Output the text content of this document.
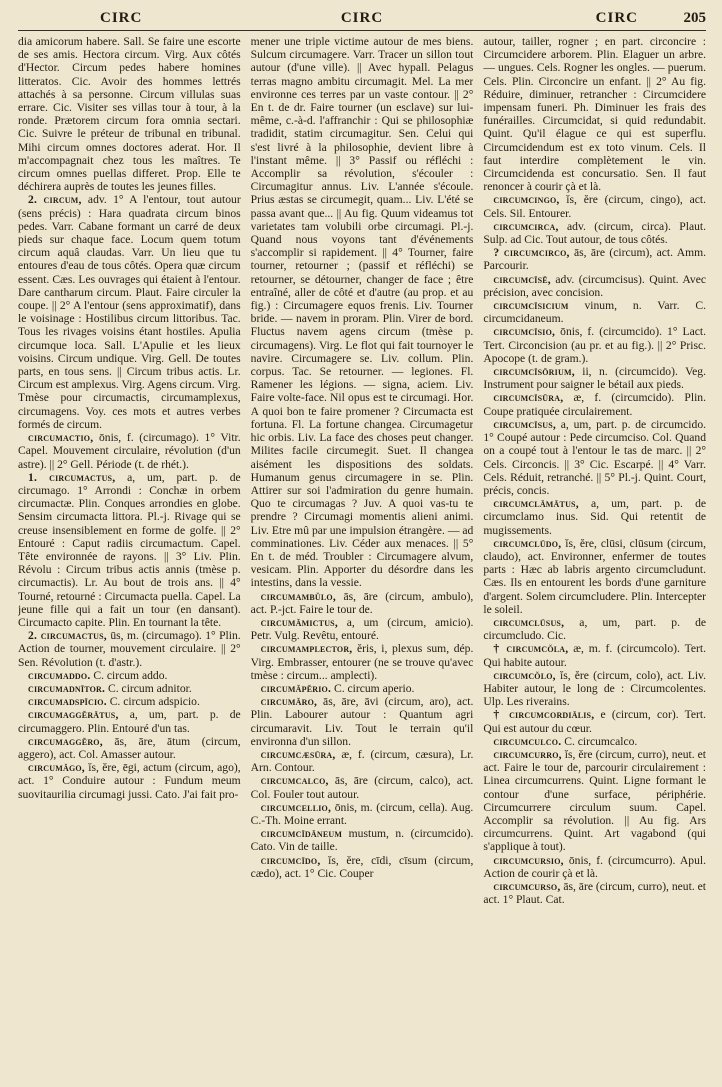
CIRC	CIRC	CIRC	205

dia amicorum habere. Sall. Se faire une escorte de ses amis. Hectora circum. Virg. Aux côtés d'Hector. Circum pedes habere homines litteratos. Cic. Avoir des hommes lettrés attachés à sa personne. Circum villulas suas errare. Cic. Visiter ses villas tour à tour, à la ronde. Prætorem circum fora omnia sectari. Cic. Suivre le préteur de tribunal en tribunal. Mihi circum omnes doctores aderat. Hor. Il m'accompagnait chez tous les maîtres. Te circum omnes puellas differet. Prop. Elle te déchirera auprès de toutes les jeunes filles.

2. circum, adv. 1° A l'entour, tout autour (sens précis) : Hara quadrata circum binos pedes. Varr. Cabane formant un carré de deux pieds sur chaque face. Locum quem totum circum aquâ claudas. Varr. Un lieu que tu entoures d'eau de tous côtés. Opera quæ circum essent. Cæs. Les ouvrages qui étaient à l'entour. Dare cantharum circum. Plaut. Faire circuler la coupe. || 2° A l'entour (sens approximatif), dans le voisinage : Hostilibus circum littoribus. Tac. Tous les rivages voisins étant hostiles. Apulia circumque loca. Sall. L'Apulie et les lieux voisins. Circum undique. Virg. Gell. De toutes parts, en tous sens. || Circum tribus actis. Lr. Circum est amplexus. Virg. Agens circum. Virg. Tmèse pour circumactis, circumamplexus, circumagens. Voy. ces mots et autres verbes formés de circum.

circumactio, ōnis, f. (circumago). 1° Vitr. Capel. Mouvement circulaire, révolution (d'un astre). || 2° Gell. Période (t. de rhét.).

1. circumactus, a, um, part. p. de circumago. 1° Arrondi : Conchæ in orbem circumactæ. Plin. Conques arrondies en globe. Sensim circumacta littora. Pl.-j. Rivage qui se creuse insensiblement en forme de golfe. || 2° Entouré : Caput radiis circumactum. Capel. Tête environnée de rayons. || 3° Liv. Plin. Révolu : Circum tribus actis annis (tmèse p. circumactis). Lr. Au bout de trois ans. || 4° Tourné, retourné : Circumacta puella. Capel. La jeune fille qui a fait un tour (en dansant). Circumacto capite. Plin. En tournant la tête.

2. circumactus, ūs, m. (circumago). 1° Plin. Action de tourner, mouvement circulaire. || 2° Sen. Révolution (t. d'astr.).

circumaddo. C. circum addo.

circumadnītor. C. circum adnitor.

circumadspīcio. C. circum adspicio.

circumaggĕrātus, a, um, part. p. de circumaggero. Plin. Entouré d'un tas.

circumaggĕro, ās, āre, ātum (circum, aggero), act. Col. Amasser autour.

circumăgo, ĭs, ĕre, ēgi, actum (circum, ago), act. 1° Conduire autour : Fundum meum suovitaurilia circumagi jussi. Cato. J'ai fait pro-

mener une triple victime autour de mes biens. Sulcum circumagere. Varr. Tracer un sillon tout autour (d'une ville). || Avec hypall. Pelagus terras magno ambitu circumagit. Mel. La mer environne ces terres par un vaste contour. || 2° En t. de dr. Faire tourner (un esclave) sur lui-même, c.-à-d. l'affranchir : Qui se philosophiæ tradidit, statim circumagitur. Sen. Celui qui s'est livré à la philosophie, devient libre à l'instant même. || 3° Passif ou réfléchi : Accomplir sa révolution, s'écouler : Circumagitur annus. Liv. L'année s'écoule. Prius æstas se circumegit, quam... Liv. L'été se passa avant que... || Au fig. Quum videamus tot varietates tam volubili orbe circumagi. Pl.-j. Quand nous voyons tant d'événements s'accomplir si rapidement. || 4° Tourner, faire tourner, retourner ; (passif et réfléchi) se retourner, se détourner, changer de face ; être entraîné, aller de côté et d'autre (au prop. et au fig.) : Circumagere equos frenis. Liv. Tourner bride. — navem in proram. Plin. Virer de bord. Fluctus navem agens circum (tmèse p. circumagens). Virg. Le flot qui fait tournoyer le navire. Circumagere se. Liv. collum. Plin. corpus. Tac. Se retourner. — legiones. Fl. Ramener les légions. — signa, aciem. Liv. Faire volte-face. Nil opus est te circumagi. Hor. A quoi bon te faire promener ? Circumacta est fortuna. Fl. La fortune changea. Circumagetur hic orbis. Liv. La face des choses peut changer. Milites facile circumegit. Suet. Il changea aisément les dispositions des soldats. Humanum genus circumagere in se. Plin. Attirer sur soi l'admiration du genre humain. Quo te circumagas ? Juv. A quoi vas-tu te prendre ? Circumagi momentis alieni animi. Liv. Etre mû par une impulsion étrangère. — ad comminationes. Liv. Céder aux menaces. || 5° En t. de méd. Troubler : Circumagere alvum, vesicam. Plin. Apporter du désordre dans les intestins, dans la vessie.

circumambŭlo, ās, āre (circum, ambulo), act. P.-jct. Faire le tour de.

circumămictus, a, um (circum, amicio). Petr. Vulg. Revêtu, entouré.

circumamplector, ĕris, i, plexus sum, dép. Virg. Embrasser, entourer (ne se trouve qu'avec tmèse : circum... amplecti).

circumăpĕrio. C. circum aperio.

circumăro, ās, āre, āvi (circum, aro), act. Plin. Labourer autour : Quantum agri circumaravit. Liv. Tout le terrain qu'il environna d'un sillon.

circumcæsūra, æ, f. (circum, cæsura), Lr. Arn. Contour.

circumcalco, ās, āre (circum, calco), act. Col. Fouler tout autour.

circumcellio, ōnis, m. (circum, cella). Aug. C.-Th. Moine errant.

circumcīdāneum mustum, n. (circumcido). Cato. Vin de taille.

circumcīdo, ĭs, ĕre, cīdi, cīsum (circum, cædo), act. 1° Cic. Couper

autour, tailler, rogner ; en part. circoncire : Circumcidere arborem. Plin. Elaguer un arbre. — ungues. Cels. Rogner les ongles. — puerum. Cels. Plin. Circoncire un enfant. || 2° Au fig. Réduire, diminuer, retrancher : Circumcidere impensam funeri. Ph. Diminuer les frais des funérailles. Circumcidat, si quid redundabit. Quint. Qu'il élague ce qui est superflu. Circumcidendum est ex toto vinum. Cels. Il faut interdire complètement le vin. Circumcidenda est concursatio. Sen. Il faut renoncer à courir çà et là.

circumcingo, ĭs, ĕre (circum, cingo), act. Cels. Sil. Entourer.

circumcirca, adv. (circum, circa). Plaut. Sulp. ad Cic. Tout autour, de tous côtés.

? circumcirco, ās, āre (circum), act. Amm. Parcourir.

circumcīsē, adv. (circumcisus). Quint. Avec précision, avec concision.

circumcīsicium vinum, n. Varr. C. circumcidaneum.

circumcīsio, ōnis, f. (circumcido). 1° Lact. Tert. Circoncision (au pr. et au fig.). || 2° Prisc. Apocope (t. de gram.).

circumcīsōrium, ii, n. (circumcido). Veg. Instrument pour saigner le bétail aux pieds.

circumcīsūra, æ, f. (circumcido). Plin. Coupe pratiquée circulairement.

circumcīsus, a, um, part. p. de circumcido. 1° Coupé autour : Pede circumciso. Col. Quand on a coupé tout à l'entour le tas de marc. || 2° Cels. Circoncis. || 3° Cic. Escarpé. || 4° Varr. Cels. Réduit, retranché. || 5° Pl.-j. Quint. Court, précis, concis.

circumclāmātus, a, um, part. p. de circumclamo inus. Sid. Qui retentit de mugissements.

circumclūdo, ĭs, ĕre, clūsi, clūsum (circum, claudo), act. Environner, enfermer de toutes parts : Hæc ab labris argento circumcludunt. Cæs. Ils en entourent les bords d'une garniture d'argent. Solem circumcludere. Plin. Intercepter le soleil.

circumclūsus, a, um, part. p. de circumcludo. Cic.

† circumcŏla, æ, m. f. (circumcolo). Tert. Qui habite autour.

circumcŏlo, ĭs, ĕre (circum, colo), act. Liv. Habiter autour, le long de : Circumcolentes. Ulp. Les riverains.

† circumcordiālis, e (circum, cor). Tert. Qui est autour du cœur.

circumculco. C. circumcalco.

circumcurro, ĭs, ĕre (circum, curro), neut. et act. Faire le tour de, parcourir circulairement : Linea circumcurrens. Quint. Ligne formant le contour d'une surface, périphérie. Circumcurrere circulum suum. Capel. Accomplir sa révolution. || Au fig. Ars circumcurrens. Quint. Art vagabond (qui s'applique à tout).

circumcursio, ōnis, f. (circumcurro). Apul. Action de courir çà et là.

circumcurso, ās, āre (circum, curro), neut. et act. 1° Plaut. Cat.
